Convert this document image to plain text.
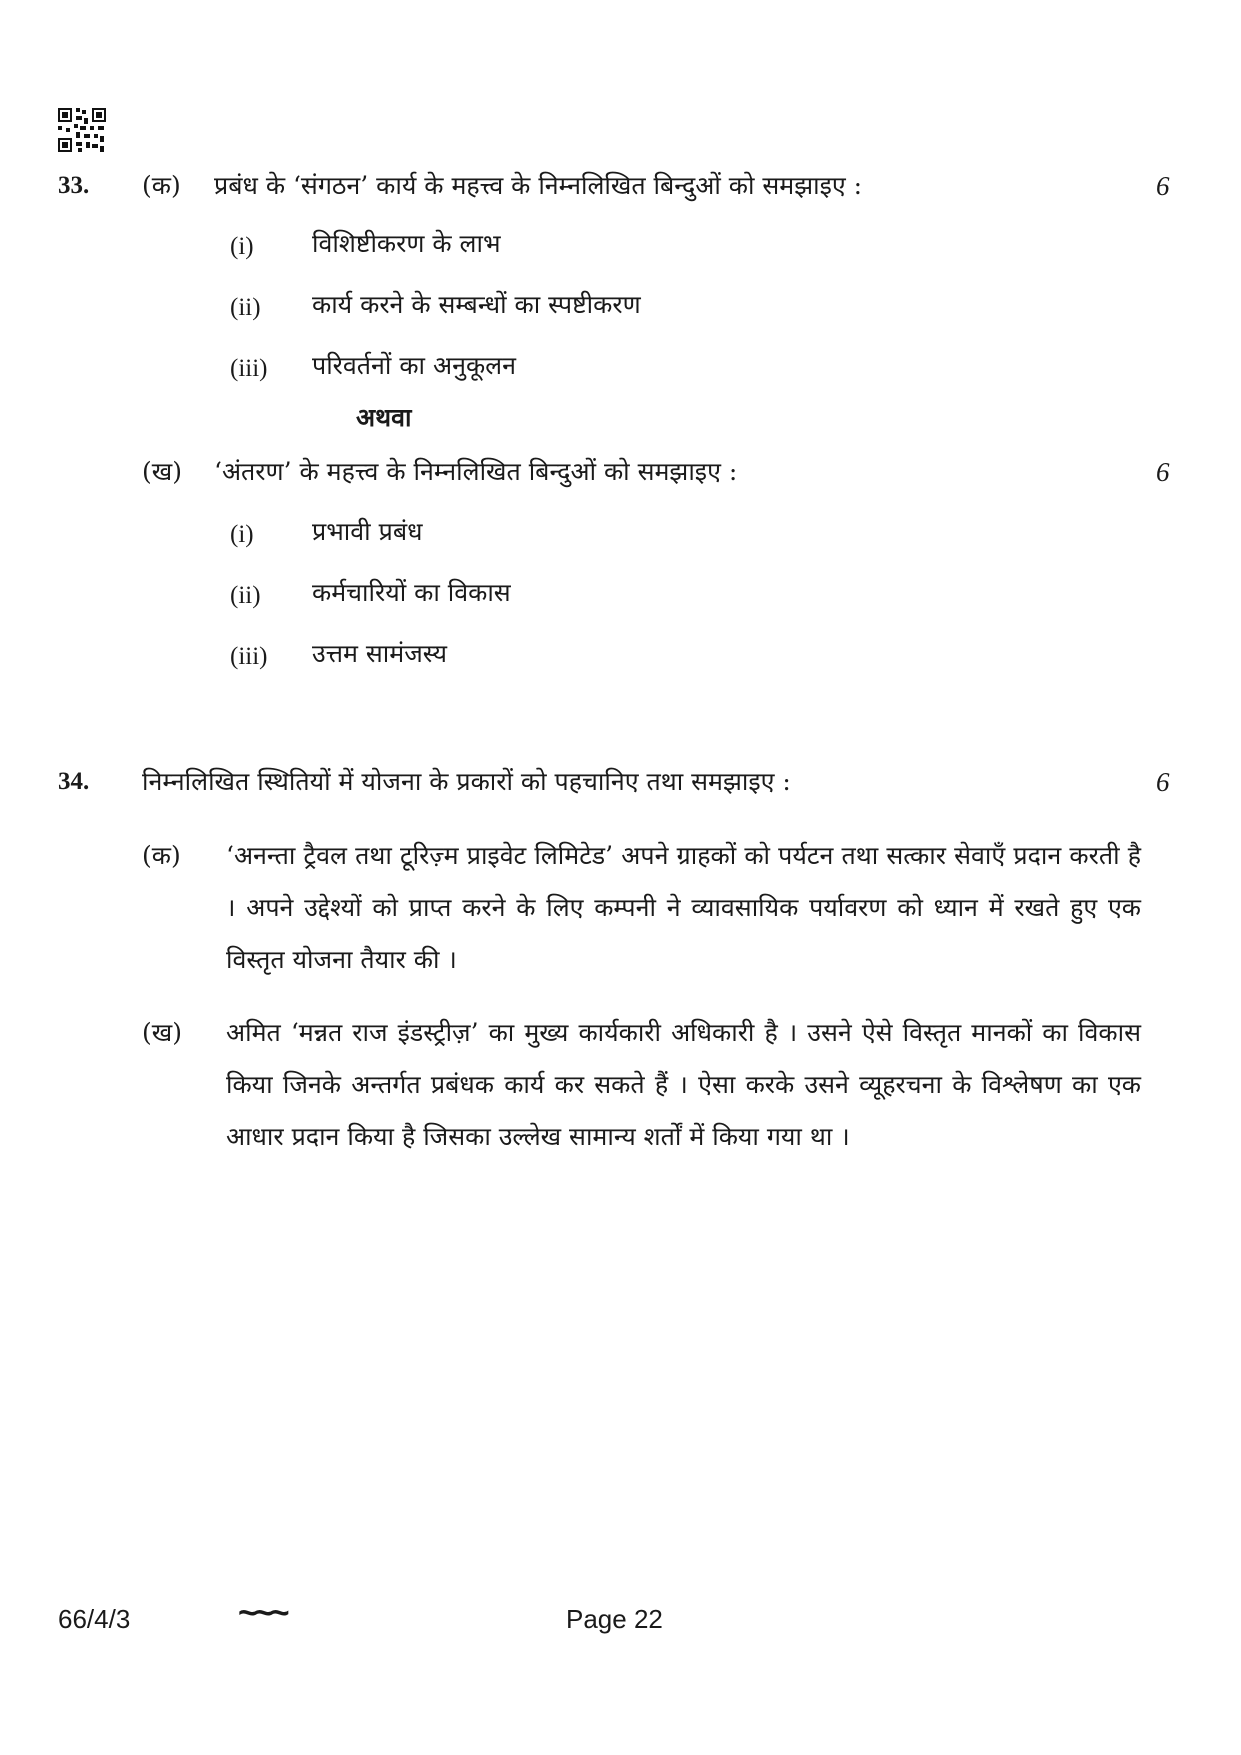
33. (क) प्रबंध के ‘संगठन’ कार्य के महत्त्व के निम्नलिखित बिन्दुओं को समझाइए :	6
(i) विशिष्टीकरण के लाभ
(ii) कार्य करने के सम्बन्धों का स्पष्टीकरण
(iii) परिवर्तनों का अनुकूलन
अथवा
(ख) ‘अंतरण’ के महत्त्व के निम्नलिखित बिन्दुओं को समझाइए :	6
(i) प्रभावी प्रबंध
(ii) कर्मचारियों का विकास
(iii) उत्तम सामंजस्य
34. निम्नलिखित स्थितियों में योजना के प्रकारों को पहचानिए तथा समझाइए :	6
(क) ‘अनन्ता ट्रैवल तथा टूरिज़्म प्राइवेट लिमिटेड’ अपने ग्राहकों को पर्यटन तथा सत्कार सेवाएँ प्रदान करती है । अपने उद्देश्यों को प्राप्त करने के लिए कम्पनी ने व्यावसायिक पर्यावरण को ध्यान में रखते हुए एक विस्तृत योजना तैयार की ।
(ख) अमित ‘मन्नत राज इंडस्ट्रीज़’ का मुख्य कार्यकारी अधिकारी है । उसने ऐसे विस्तृत मानकों का विकास किया जिनके अन्तर्गत प्रबंधक कार्य कर सकते हैं । ऐसा करके उसने व्यूहरचना के विश्लेषण का एक आधार प्रदान किया है जिसका उल्लेख सामान्य शर्तों में किया गया था ।
66/4/3	~~~	Page 22
